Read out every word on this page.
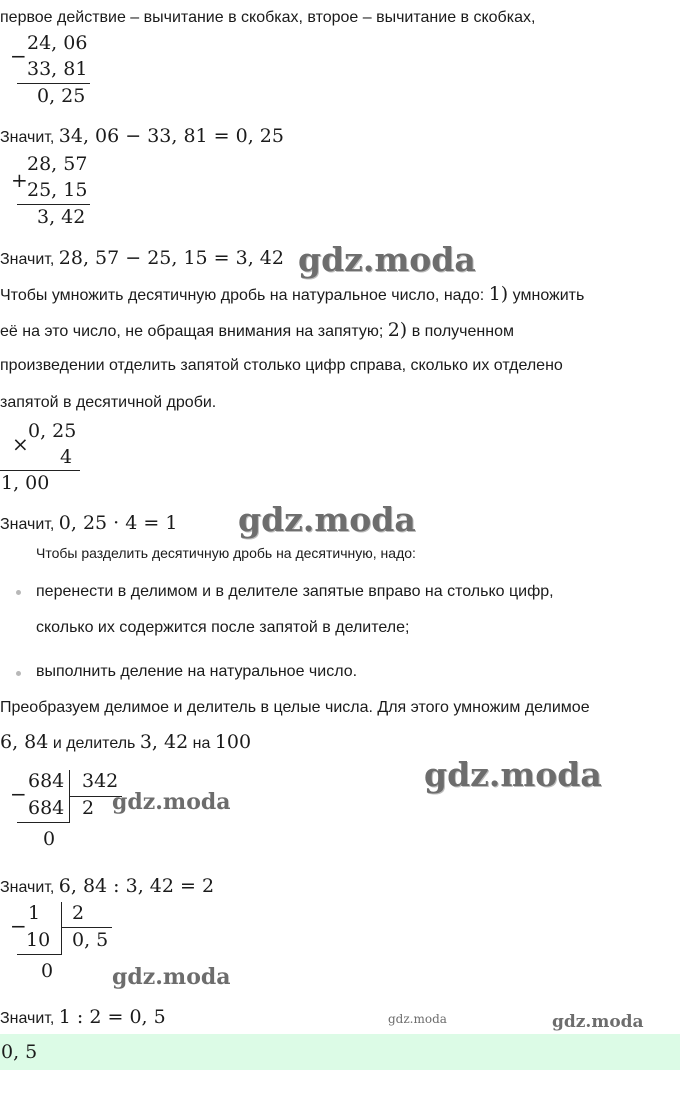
первое действие – вычитание в скобках, второе – вычитание в скобках,
−
24, 06
33, 81
0, 25
Значит, 34, 06 − 33, 81 = 0, 25
+
28, 57
25, 15
3, 42
Значит, 28, 57 − 25, 15 = 3, 42 gdz.moda
Чтобы умножить десятичную дробь на натуральное число, надо: 1) умножить
её на это число, не обращая внимания на запятую; 2) в полученном
произведении отделить запятой столько цифр справа, сколько их отделено
запятой в десятичной дроби.
×
0, 25
4
1, 00
Значит, 0, 25 · 4 = 1 gdz.moda
Чтобы разделить десятичную дробь на десятичную, надо:
перенести в делимом и в делителе запятые вправо на столько цифр,
сколько их содержится после запятой в делителе;
выполнить деление на натуральное число.
Преобразуем делимое и делитель в целые числа. Для этого умножим делимое
6, 84 и делитель 3, 42 на 100
gdz.moda
−
684 342
684 2
0
gdz.moda
Значит, 6, 84 : 3, 42 = 2
−
1 2
10 0, 5
0	gdz.moda
Значит, 1 : 2 = 0, 5	gdz.moda	gdz.moda
0, 5
